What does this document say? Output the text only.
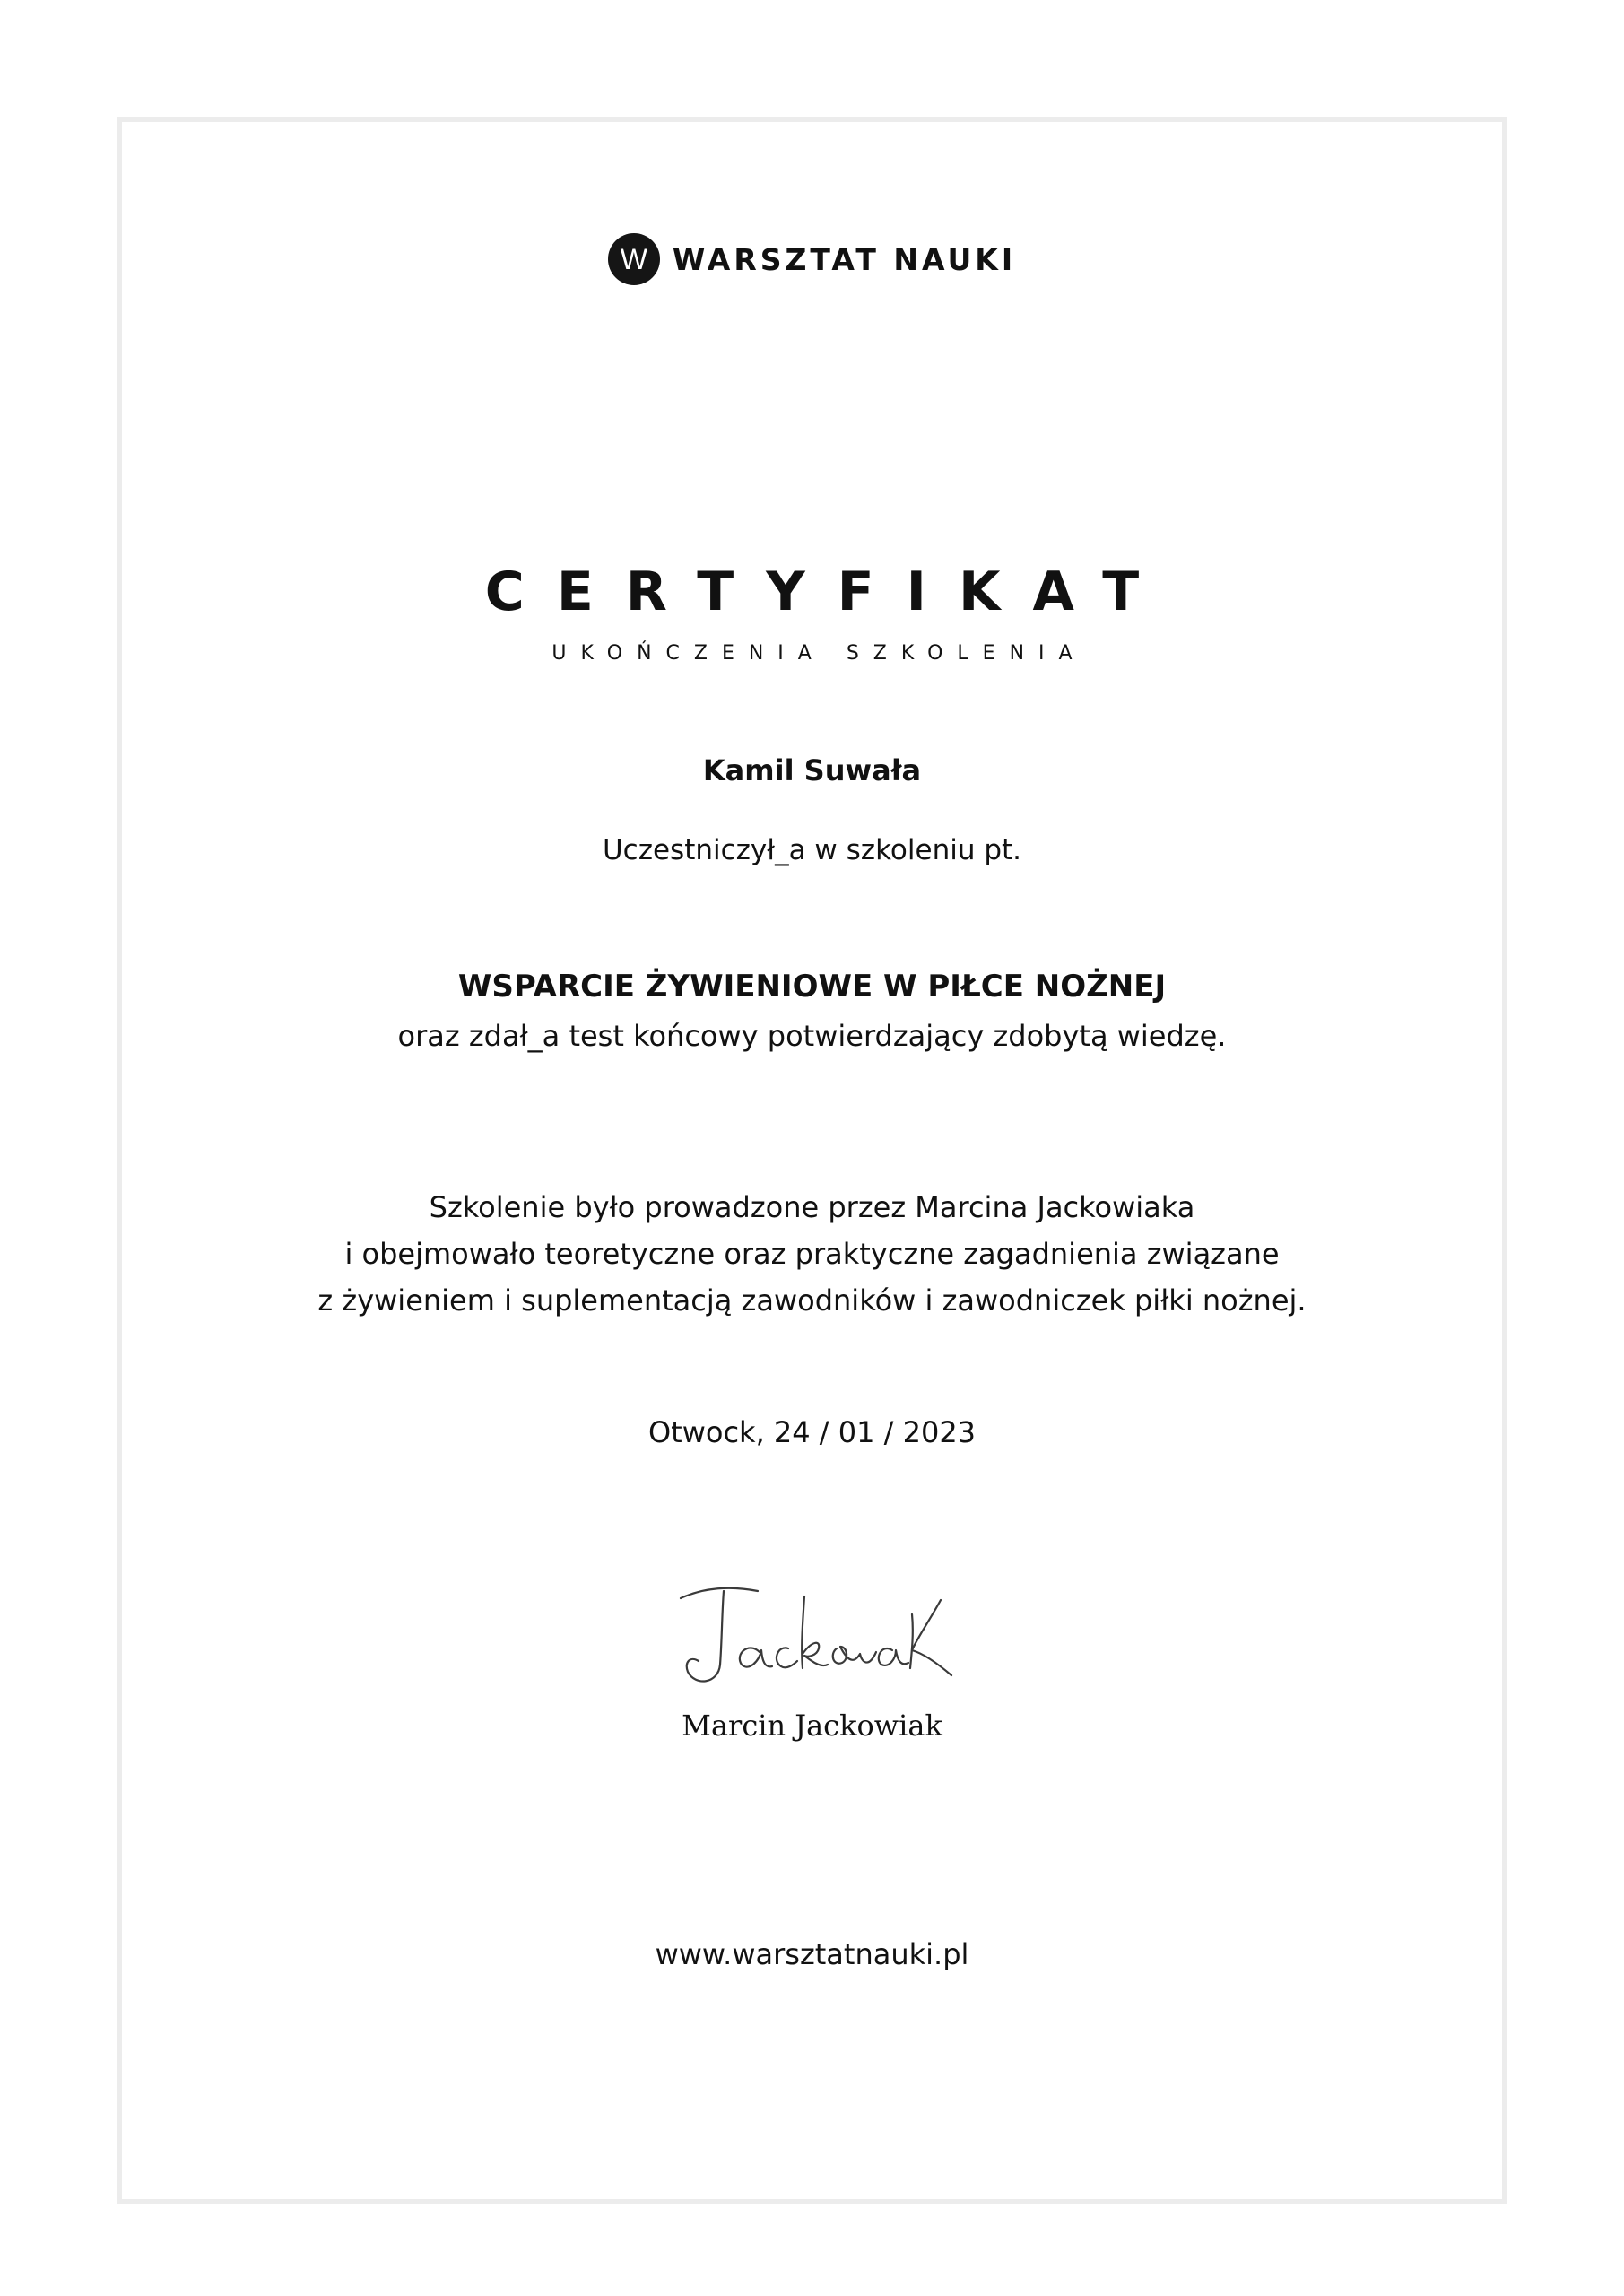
W WARSZTAT NAUKI
CERTYFIKAT
UKOŃCZENIA SZKOLENIA
Kamil Suwała
Uczestniczył_a w szkoleniu pt.
WSPARCIE ŻYWIENIOWE W PIŁCE NOŻNEJ
oraz zdał_a test końcowy potwierdzający zdobytą wiedzę.
Szkolenie było prowadzone przez Marcina Jackowiaka
i obejmowało teoretyczne oraz praktyczne zagadnienia związane
z żywieniem i suplementacją zawodników i zawodniczek piłki nożnej.
Otwock, 24 / 01 / 2023
Marcin Jackowiak
www.warsztatnauki.pl
